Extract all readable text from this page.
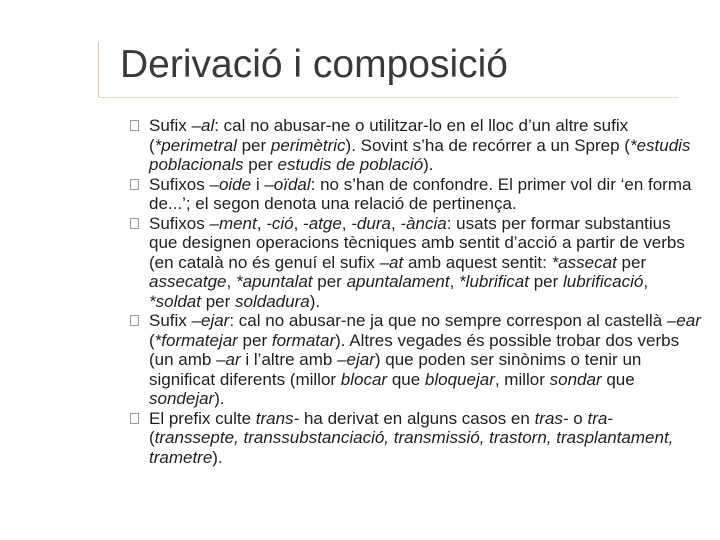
Derivació i composició
Sufix –al: cal no abusar-ne o utilitzar-lo en el lloc d’un altre sufix (*perimetral per perimètric). Sovint s’ha de recórrer a un Sprep (*estudis poblacionals per estudis de població).
Sufixos –oide i –oïdal: no s’han de confondre. El primer vol dir ‘en forma de...’; el segon denota una relació de pertinença.
Sufixos –ment, -ció, -atge, -dura, -ància: usats per formar substantius que designen operacions tècniques amb sentit d’acció a partir de verbs (en català no és genuí el sufix –at amb aquest sentit: *assecat per assecatge, *apuntalat per apuntalament, *lubrificat per lubrificació, *soldat per soldadura).
Sufix –ejar: cal no abusar-ne ja que no sempre correspon al castellà –ear (*formatejar per formatar). Altres vegades és possible trobar dos verbs (un amb –ar i l’altre amb –ejar) que poden ser sinònims o tenir un significat diferents (millor blocar que bloquejar, millor sondar que sondejar).
El prefix culte trans- ha derivat en alguns casos en tras- o tra- (transsepte, transsubstanciació, transmissió, trastorn, trasplantament, trametre).
